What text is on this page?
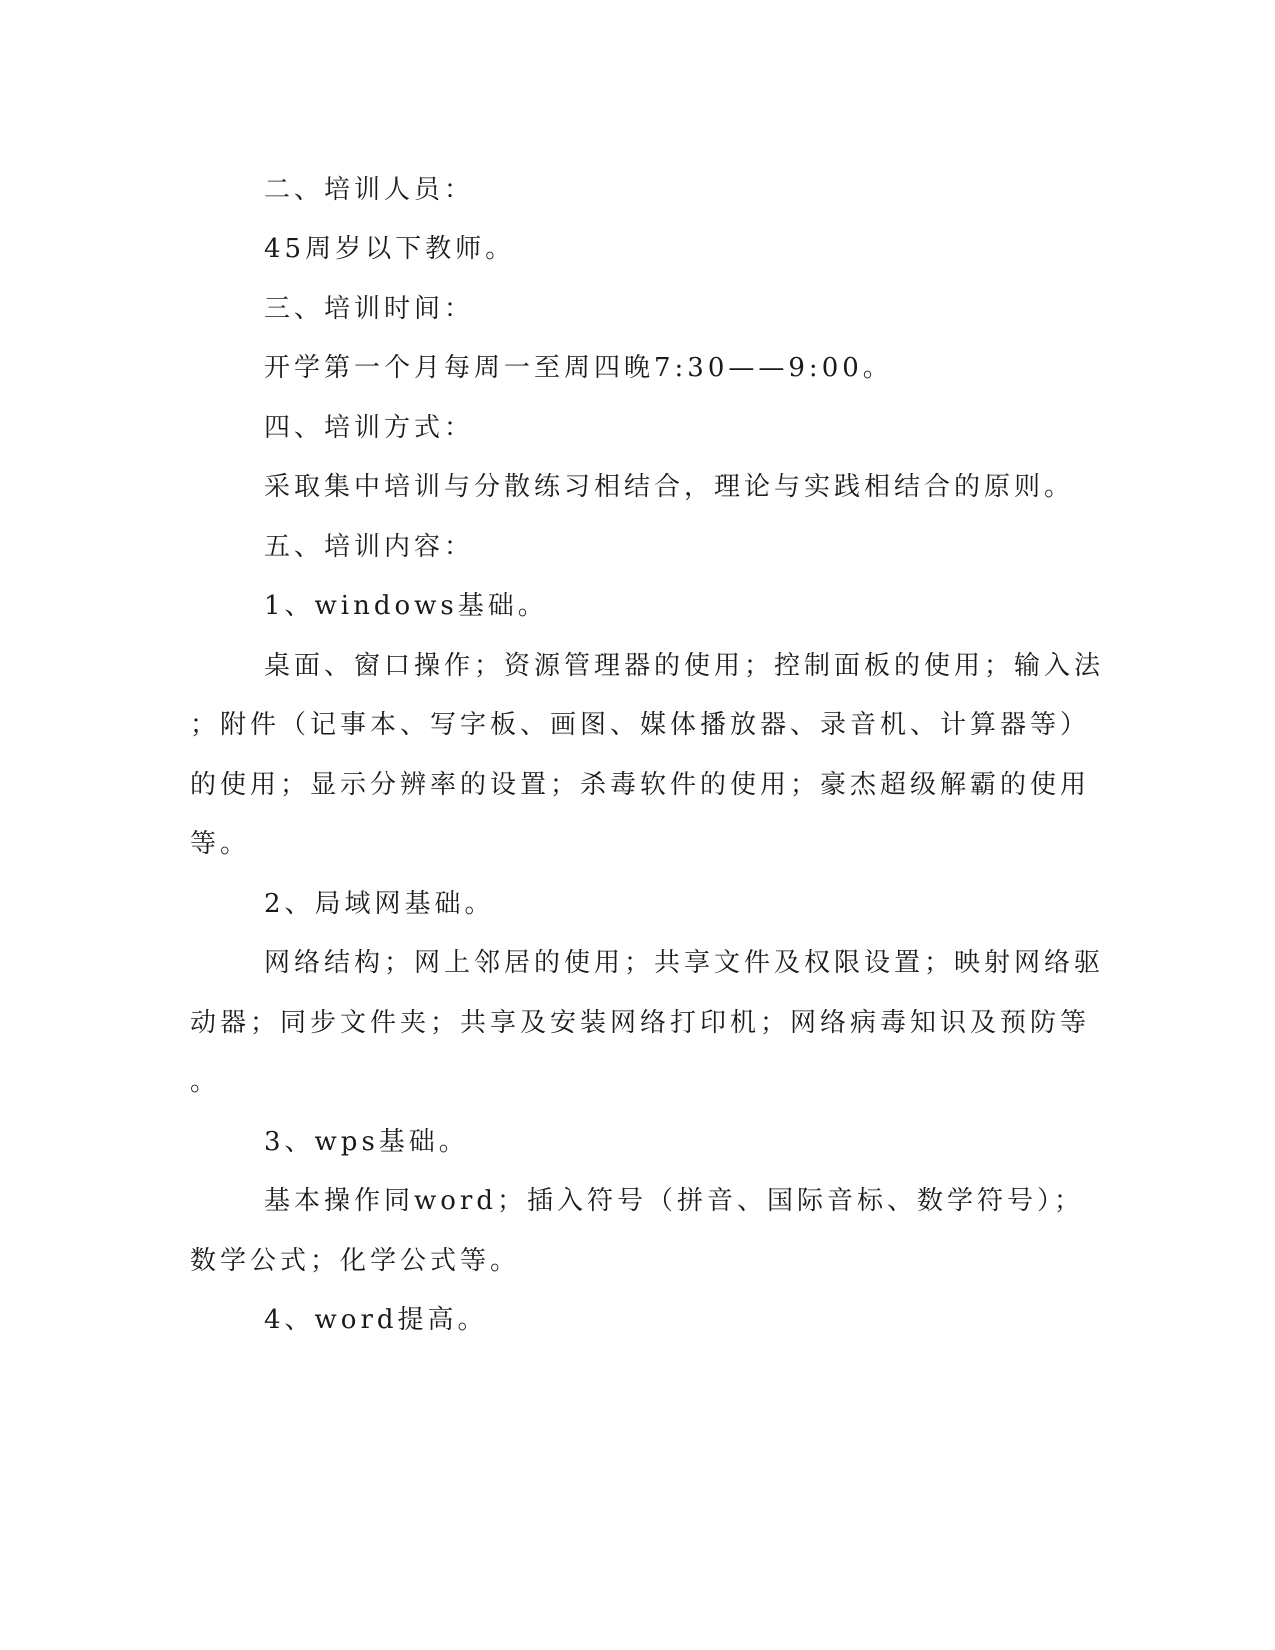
二、培训人员：
45周岁以下教师。
三、培训时间：
开学第一个月每周一至周四晚7:30——9:00。
四、培训方式：
采取集中培训与分散练习相结合，理论与实践相结合的原则。
五、培训内容：
1、windows基础。
桌面、窗口操作；资源管理器的使用；控制面板的使用；输入法
；附件（记事本、写字板、画图、媒体播放器、录音机、计算器等）
的使用；显示分辨率的设置；杀毒软件的使用；豪杰超级解霸的使用
等。
2、局域网基础。
网络结构；网上邻居的使用；共享文件及权限设置；映射网络驱
动器；同步文件夹；共享及安装网络打印机；网络病毒知识及预防等
。
3、wps基础。
基本操作同word；插入符号（拼音、国际音标、数学符号）；
数学公式；化学公式等。
4、word提高。
